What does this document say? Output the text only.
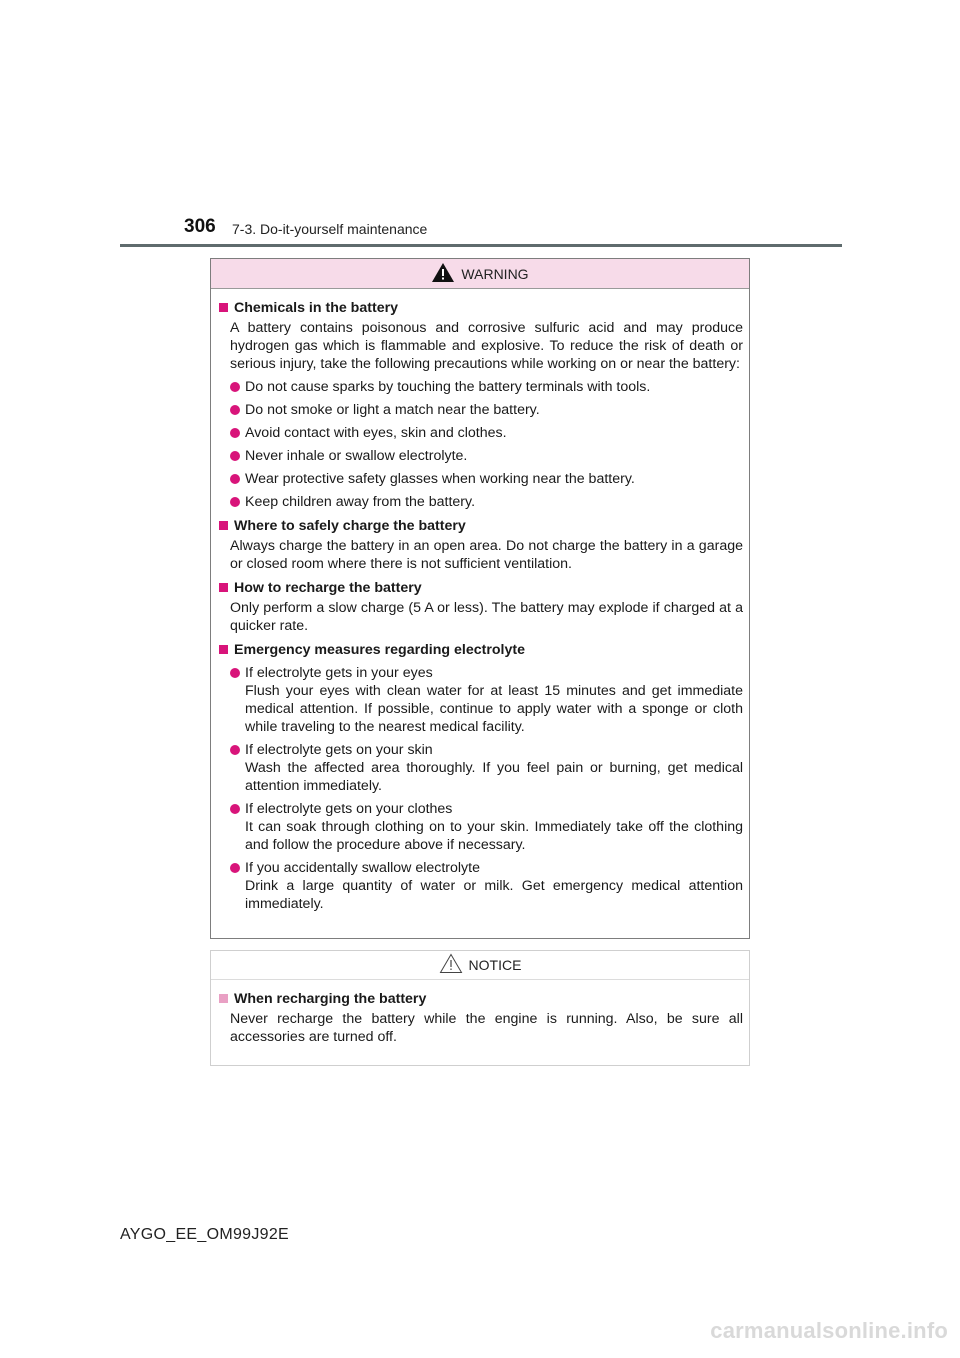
306 7-3. Do-it-yourself maintenance
WARNING
Chemicals in the battery
A battery contains poisonous and corrosive sulfuric acid and may produce hydrogen gas which is flammable and explosive. To reduce the risk of death or serious injury, take the following precautions while working on or near the battery:
Do not cause sparks by touching the battery terminals with tools.
Do not smoke or light a match near the battery.
Avoid contact with eyes, skin and clothes.
Never inhale or swallow electrolyte.
Wear protective safety glasses when working near the battery.
Keep children away from the battery.
Where to safely charge the battery
Always charge the battery in an open area. Do not charge the battery in a garage or closed room where there is not sufficient ventilation.
How to recharge the battery
Only perform a slow charge (5 A or less). The battery may explode if charged at a quicker rate.
Emergency measures regarding electrolyte
If electrolyte gets in your eyes
Flush your eyes with clean water for at least 15 minutes and get immediate medical attention. If possible, continue to apply water with a sponge or cloth while traveling to the nearest medical facility.
If electrolyte gets on your skin
Wash the affected area thoroughly. If you feel pain or burning, get medical attention immediately.
If electrolyte gets on your clothes
It can soak through clothing on to your skin. Immediately take off the clothing and follow the procedure above if necessary.
If you accidentally swallow electrolyte
Drink a large quantity of water or milk. Get emergency medical attention immediately.
NOTICE
When recharging the battery
Never recharge the battery while the engine is running. Also, be sure all accessories are turned off.
AYGO_EE_OM99J92E
carmanualsonline.info
